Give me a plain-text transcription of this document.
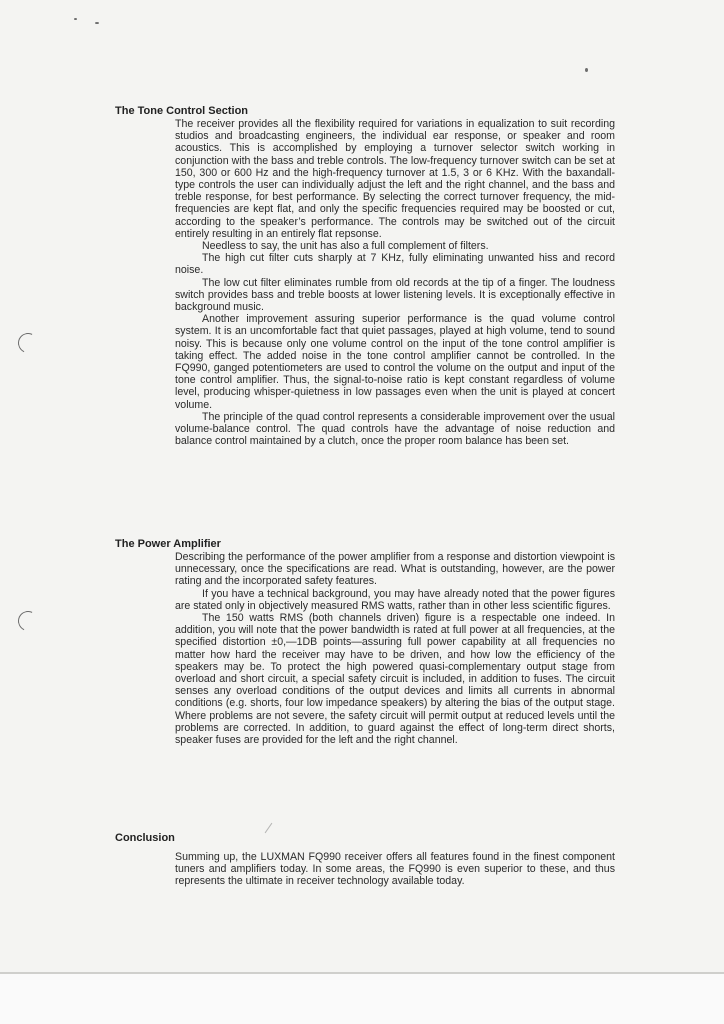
The Tone Control Section

The receiver provides all the flexibility required for variations in equalization to suit recording studios and broadcasting engineers, the individual ear response, or speaker and room acoustics. This is accomplished by employing a turnover selector switch working in conjunction with the bass and treble controls. The low-frequency turnover switch can be set at 150, 300 or 600 Hz and the high-frequency turnover at 1.5, 3 or 6 KHz. With the baxandall-type controls the user can individually adjust the left and the right channel, and the bass and treble response, for best performance. By selecting the correct turnover frequency, the mid-frequencies are kept flat, and only the specific frequencies required may be boosted or cut, according to the speaker’s performance. The controls may be switched out of the circuit entirely resulting in an entirely flat repsonse.

Needless to say, the unit has also a full complement of filters.

The high cut filter cuts sharply at 7 KHz, fully eliminating unwanted hiss and record noise.

The low cut filter eliminates rumble from old records at the tip of a finger. The loudness switch provides bass and treble boosts at lower listening levels. It is exceptionally effective in background music.

Another improvement assuring superior performance is the quad volume control system. It is an uncomfortable fact that quiet passages, played at high volume, tend to sound noisy. This is because only one volume control on the input of the tone control amplifier is taking effect. The added noise in the tone control amplifier cannot be controlled. In the FQ990, ganged potentiometers are used to control the volume on the output and input of the tone control amplifier. Thus, the signal-to-noise ratio is kept constant regardless of volume level, producing whisper-quietness in low passages even when the unit is played at concert volume.

The principle of the quad control represents a considerable improvement over the usual volume-balance control. The quad controls have the advantage of noise reduction and balance control maintained by a clutch, once the proper room balance has been set.

The Power Amplifier

Describing the performance of the power amplifier from a response and distortion viewpoint is unnecessary, once the specifications are read. What is outstanding, however, are the power rating and the incorporated safety features.

If you have a technical background, you may have already noted that the power figures are stated only in objectively measured RMS watts, rather than in other less scientific figures.

The 150 watts RMS (both channels driven) figure is a respectable one indeed. In addition, you will note that the power bandwidth is rated at full power at all frequencies, at the specified distortion ±0,—1DB points—assuring full power capability at all frequencies no matter how hard the receiver may have to be driven, and how low the efficiency of the speakers may be. To protect the high powered quasi-complementary output stage from overload and short circuit, a special safety circuit is included, in addition to fuses. The circuit senses any overload conditions of the output devices and limits all currents in abnormal conditions (e.g. shorts, four low impedance speakers) by altering the bias of the output stage. Where problems are not severe, the safety circuit will permit output at reduced levels until the problems are corrected. In addition, to guard against the effect of long-term direct shorts, speaker fuses are provided for the left and the right channel.

Conclusion

Summing up, the LUXMAN FQ990 receiver offers all features found in the finest component tuners and amplifiers today. In some areas, the FQ990 is even superior to these, and thus represents the ultimate in receiver technology available today.
